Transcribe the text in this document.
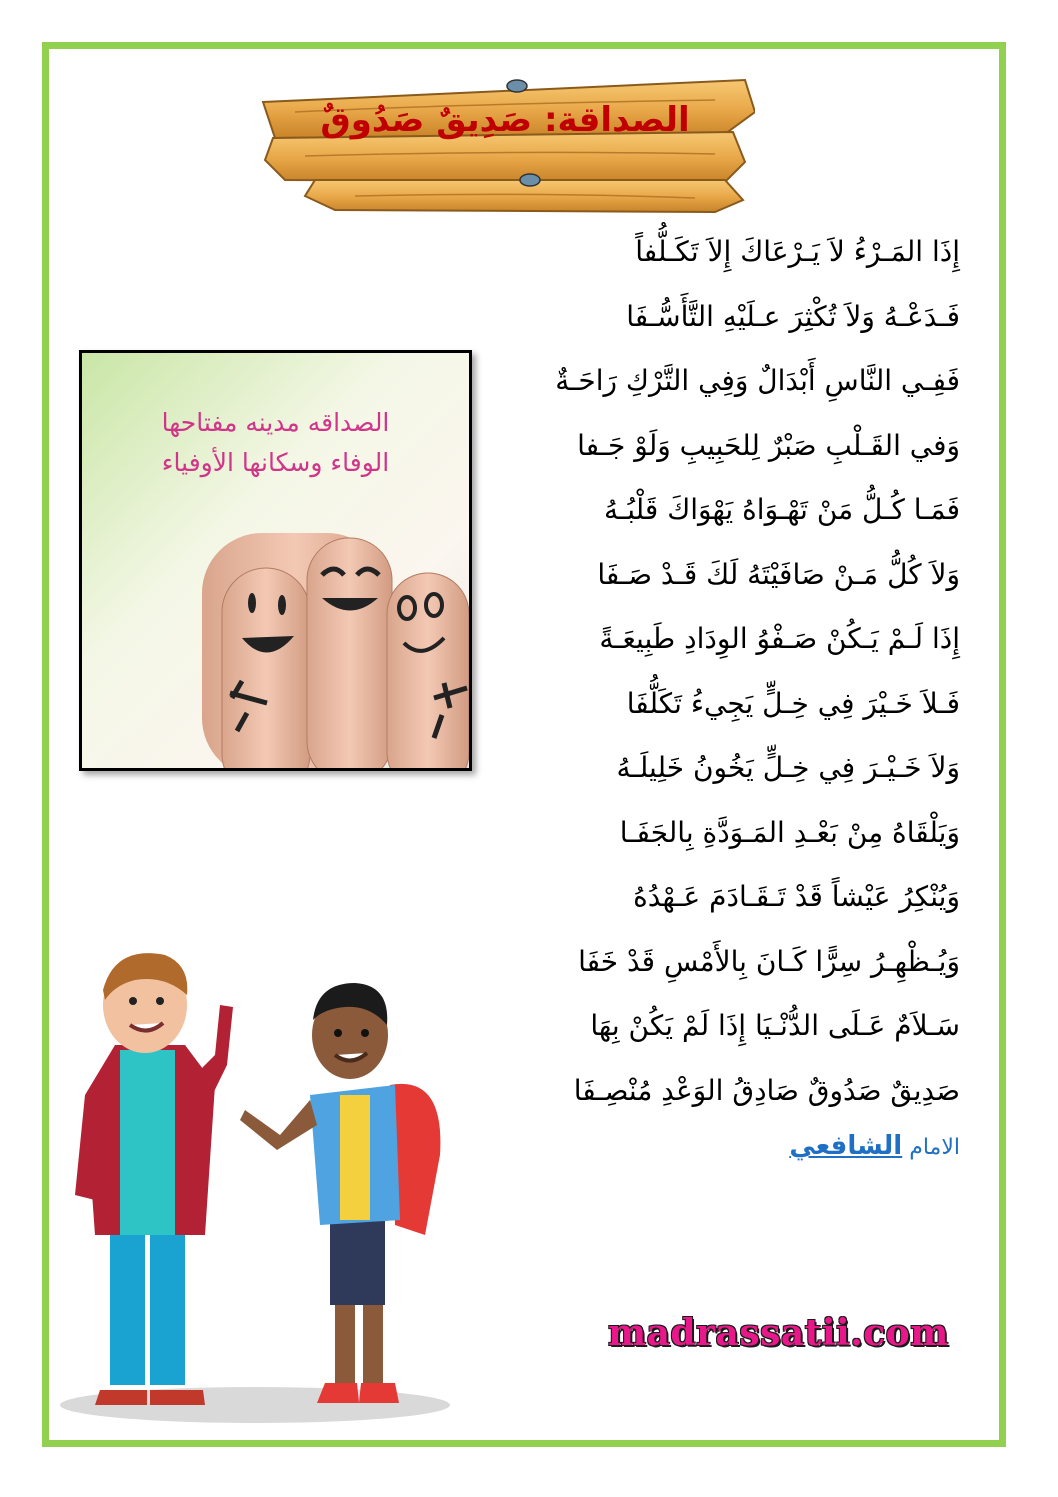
الصداقة: صَدِيقٌ صَدُوقٌ
إِذَا المَـرْءُ لاَ يَـرْعَاكَ إِلاَ تَكَـلُّفاً
فَـدَعْـهُ وَلاَ تُكْثِرَ عـلَيْهِ التَّأَسُّـفَا
فَفِـي النَّاسِ أَبْدَالٌ وَفِي التَّرْكِ رَاحَـةٌ
وَفي القَـلْبِ صَبْرٌ لِلحَبِيبِ وَلَوْ جَـفا
فَمَـا كُـلُّ مَنْ تَهْـوَاهُ يَهْوَاكَ قَلْبُـهُ
وَلاَ كُلُّ مَـنْ صَافَيْتَهُ لَكَ قَـدْ صَـفَا
إِذَا لَـمْ يَـكُنْ صَـفْوُ الوِدَادِ طَبِيعَـةً
فَـلاَ خَـيْرَ فِي خِـلٍّ يَجِيءُ تَكَلُّفَا
وَلاَ خَـيْـرَ فِي خِـلٍّ يَخُونُ خَلِيلَـهُ
وَيَلْقَاهُ مِنْ بَعْـدِ المَـوَدَّةِ بِالجَفَـا
وَيُنْكِرُ عَيْشاً قَدْ تَـقَـادَمَ عَـهْدُهُ
وَيُـظْهِـرُ سِرًّا كَـانَ بِالأَمْسِ قَدْ خَفَا
سَـلاَمٌ عَـلَى الدُّنْـيَا إِذَا لَمْ يَكُنْ بِهَا
صَدِيقٌ صَدُوقٌ صَادِقُ الوَعْدِ مُنْصِـفَا
الامام الشافعي
الصداقه مدينه مفتاحها
الوفاء وسكانها الأوفياء
madrassatii.com
